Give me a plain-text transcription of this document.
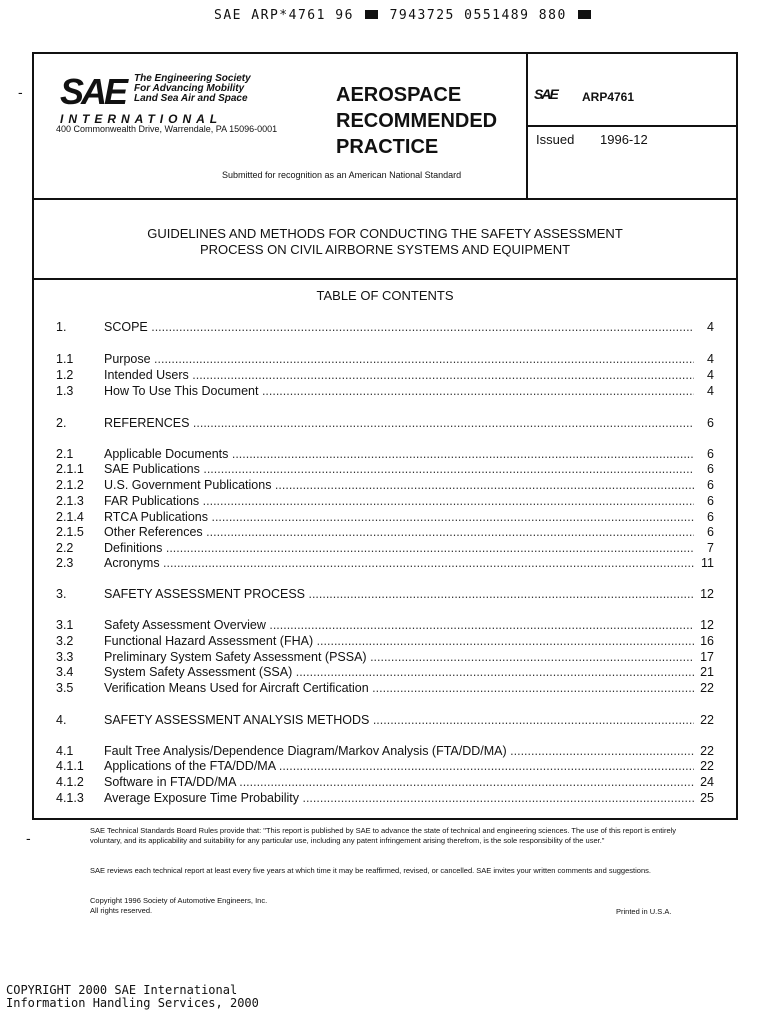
SAE ARP*4761 96	7943725 0551489 880
-
-
SAE The Engineering Society
For Advancing Mobility
Land Sea Air and Space
INTERNATIONAL
400 Commonwealth Drive, Warrendale, PA 15096-0001
AEROSPACE
RECOMMENDED
PRACTICE
Submitted for recognition as an American National Standard
SAE ARP4761
Issued 1996-12
GUIDELINES AND METHODS FOR CONDUCTING THE SAFETY ASSESSMENT
PROCESS ON CIVIL AIRBORNE SYSTEMS AND EQUIPMENT
TABLE OF CONTENTS
1.	SCOPE .....	4
1.1	Purpose .....	4
1.2	Intended Users .....	4
1.3	How To Use This Document .....	4
2.	REFERENCES .....	6
2.1	Applicable Documents .....	6
2.1.1	SAE Publications .....	6
2.1.2	U.S. Government Publications .....	6
2.1.3	FAR Publications .....	6
2.1.4	RTCA Publications .....	6
2.1.5	Other References .....	6
2.2	Definitions .....	7
2.3	Acronyms .....	11
3.	SAFETY ASSESSMENT PROCESS .....	12
3.1	Safety Assessment Overview .....	12
3.2	Functional Hazard Assessment (FHA) .....	16
3.3	Preliminary System Safety Assessment (PSSA) .....	17
3.4	System Safety Assessment (SSA) .....	21
3.5	Verification Means Used for Aircraft Certification .....	22
4.	SAFETY ASSESSMENT ANALYSIS METHODS .....	22
4.1	Fault Tree Analysis/Dependence Diagram/Markov Analysis (FTA/DD/MA) .....	22
4.1.1	Applications of the FTA/DD/MA .....	22
4.1.2	Software in FTA/DD/MA .....	24
4.1.3	Average Exposure Time Probability .....	25
SAE Technical Standards Board Rules provide that: "This report is published by SAE to advance the state of technical and engineering sciences. The use of this report is entirely voluntary, and its applicability and suitability for any particular use, including any patent infringement arising therefrom, is the sole responsibility of the user."
SAE reviews each technical report at least every five years at which time it may be reaffirmed, revised, or cancelled. SAE invites your written comments and suggestions.
Copyright 1996 Society of Automotive Engineers, Inc.
All rights reserved.	Printed in U.S.A.
COPYRIGHT 2000 SAE International
Information Handling Services, 2000
